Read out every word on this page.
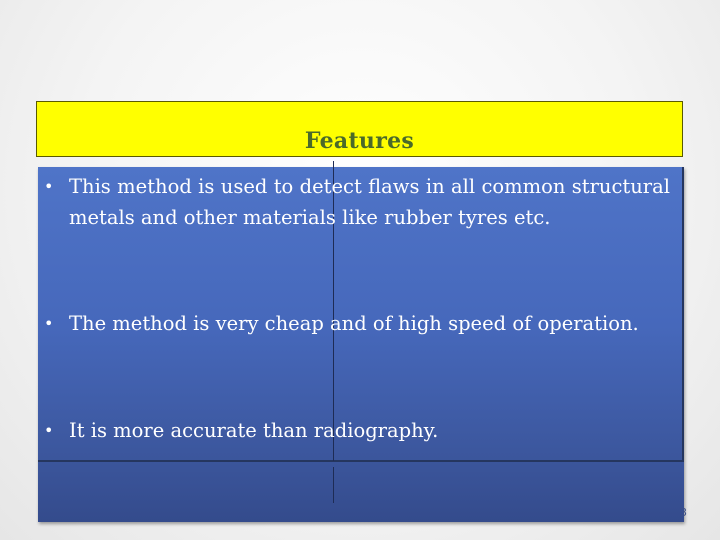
Features
• This method is used to detect flaws in all common structural metals and other materials like rubber tyres etc.
• The method is very cheap and of high speed of operation.
• It is more accurate than radiography.
3
